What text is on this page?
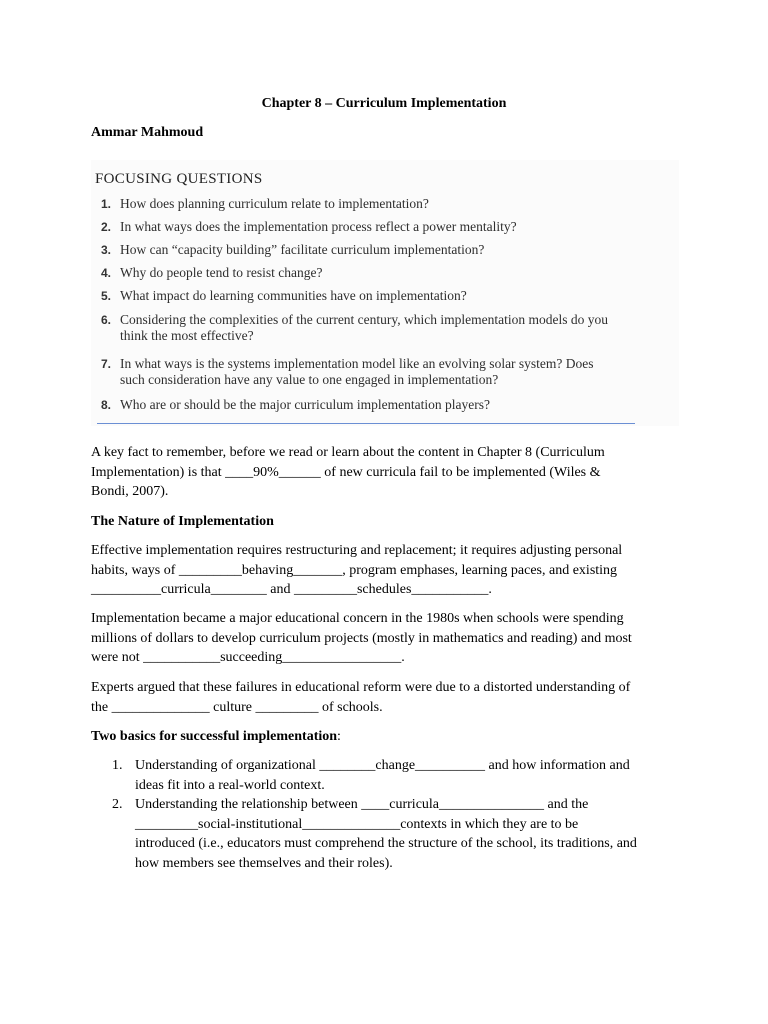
Chapter 8 – Curriculum Implementation
Ammar Mahmoud
FOCUSING QUESTIONS
1. How does planning curriculum relate to implementation?
2. In what ways does the implementation process reflect a power mentality?
3. How can “capacity building” facilitate curriculum implementation?
4. Why do people tend to resist change?
5. What impact do learning communities have on implementation?
6. Considering the complexities of the current century, which implementation models do you
think the most effective?
7. In what ways is the systems implementation model like an evolving solar system? Does
such consideration have any value to one engaged in implementation?
8. Who are or should be the major curriculum implementation players?
A key fact to remember, before we read or learn about the content in Chapter 8 (Curriculum
Implementation) is that ____90%______ of new curricula fail to be implemented (Wiles &
Bondi, 2007).
The Nature of Implementation
Effective implementation requires restructuring and replacement; it requires adjusting personal
habits, ways of _________behaving_______, program emphases, learning paces, and existing
__________curricula________ and _________schedules___________.
Implementation became a major educational concern in the 1980s when schools were spending
millions of dollars to develop curriculum projects (mostly in mathematics and reading) and most
were not ___________succeeding_________________.
Experts argued that these failures in educational reform were due to a distorted understanding of
the ______________ culture _________ of schools.
Two basics for successful implementation:
1. Understanding of organizational ________change__________ and how information and
ideas fit into a real-world context.
2. Understanding the relationship between ____curricula_______________ and the
_________social-institutional______________contexts in which they are to be
introduced (i.e., educators must comprehend the structure of the school, its traditions, and
how members see themselves and their roles).
